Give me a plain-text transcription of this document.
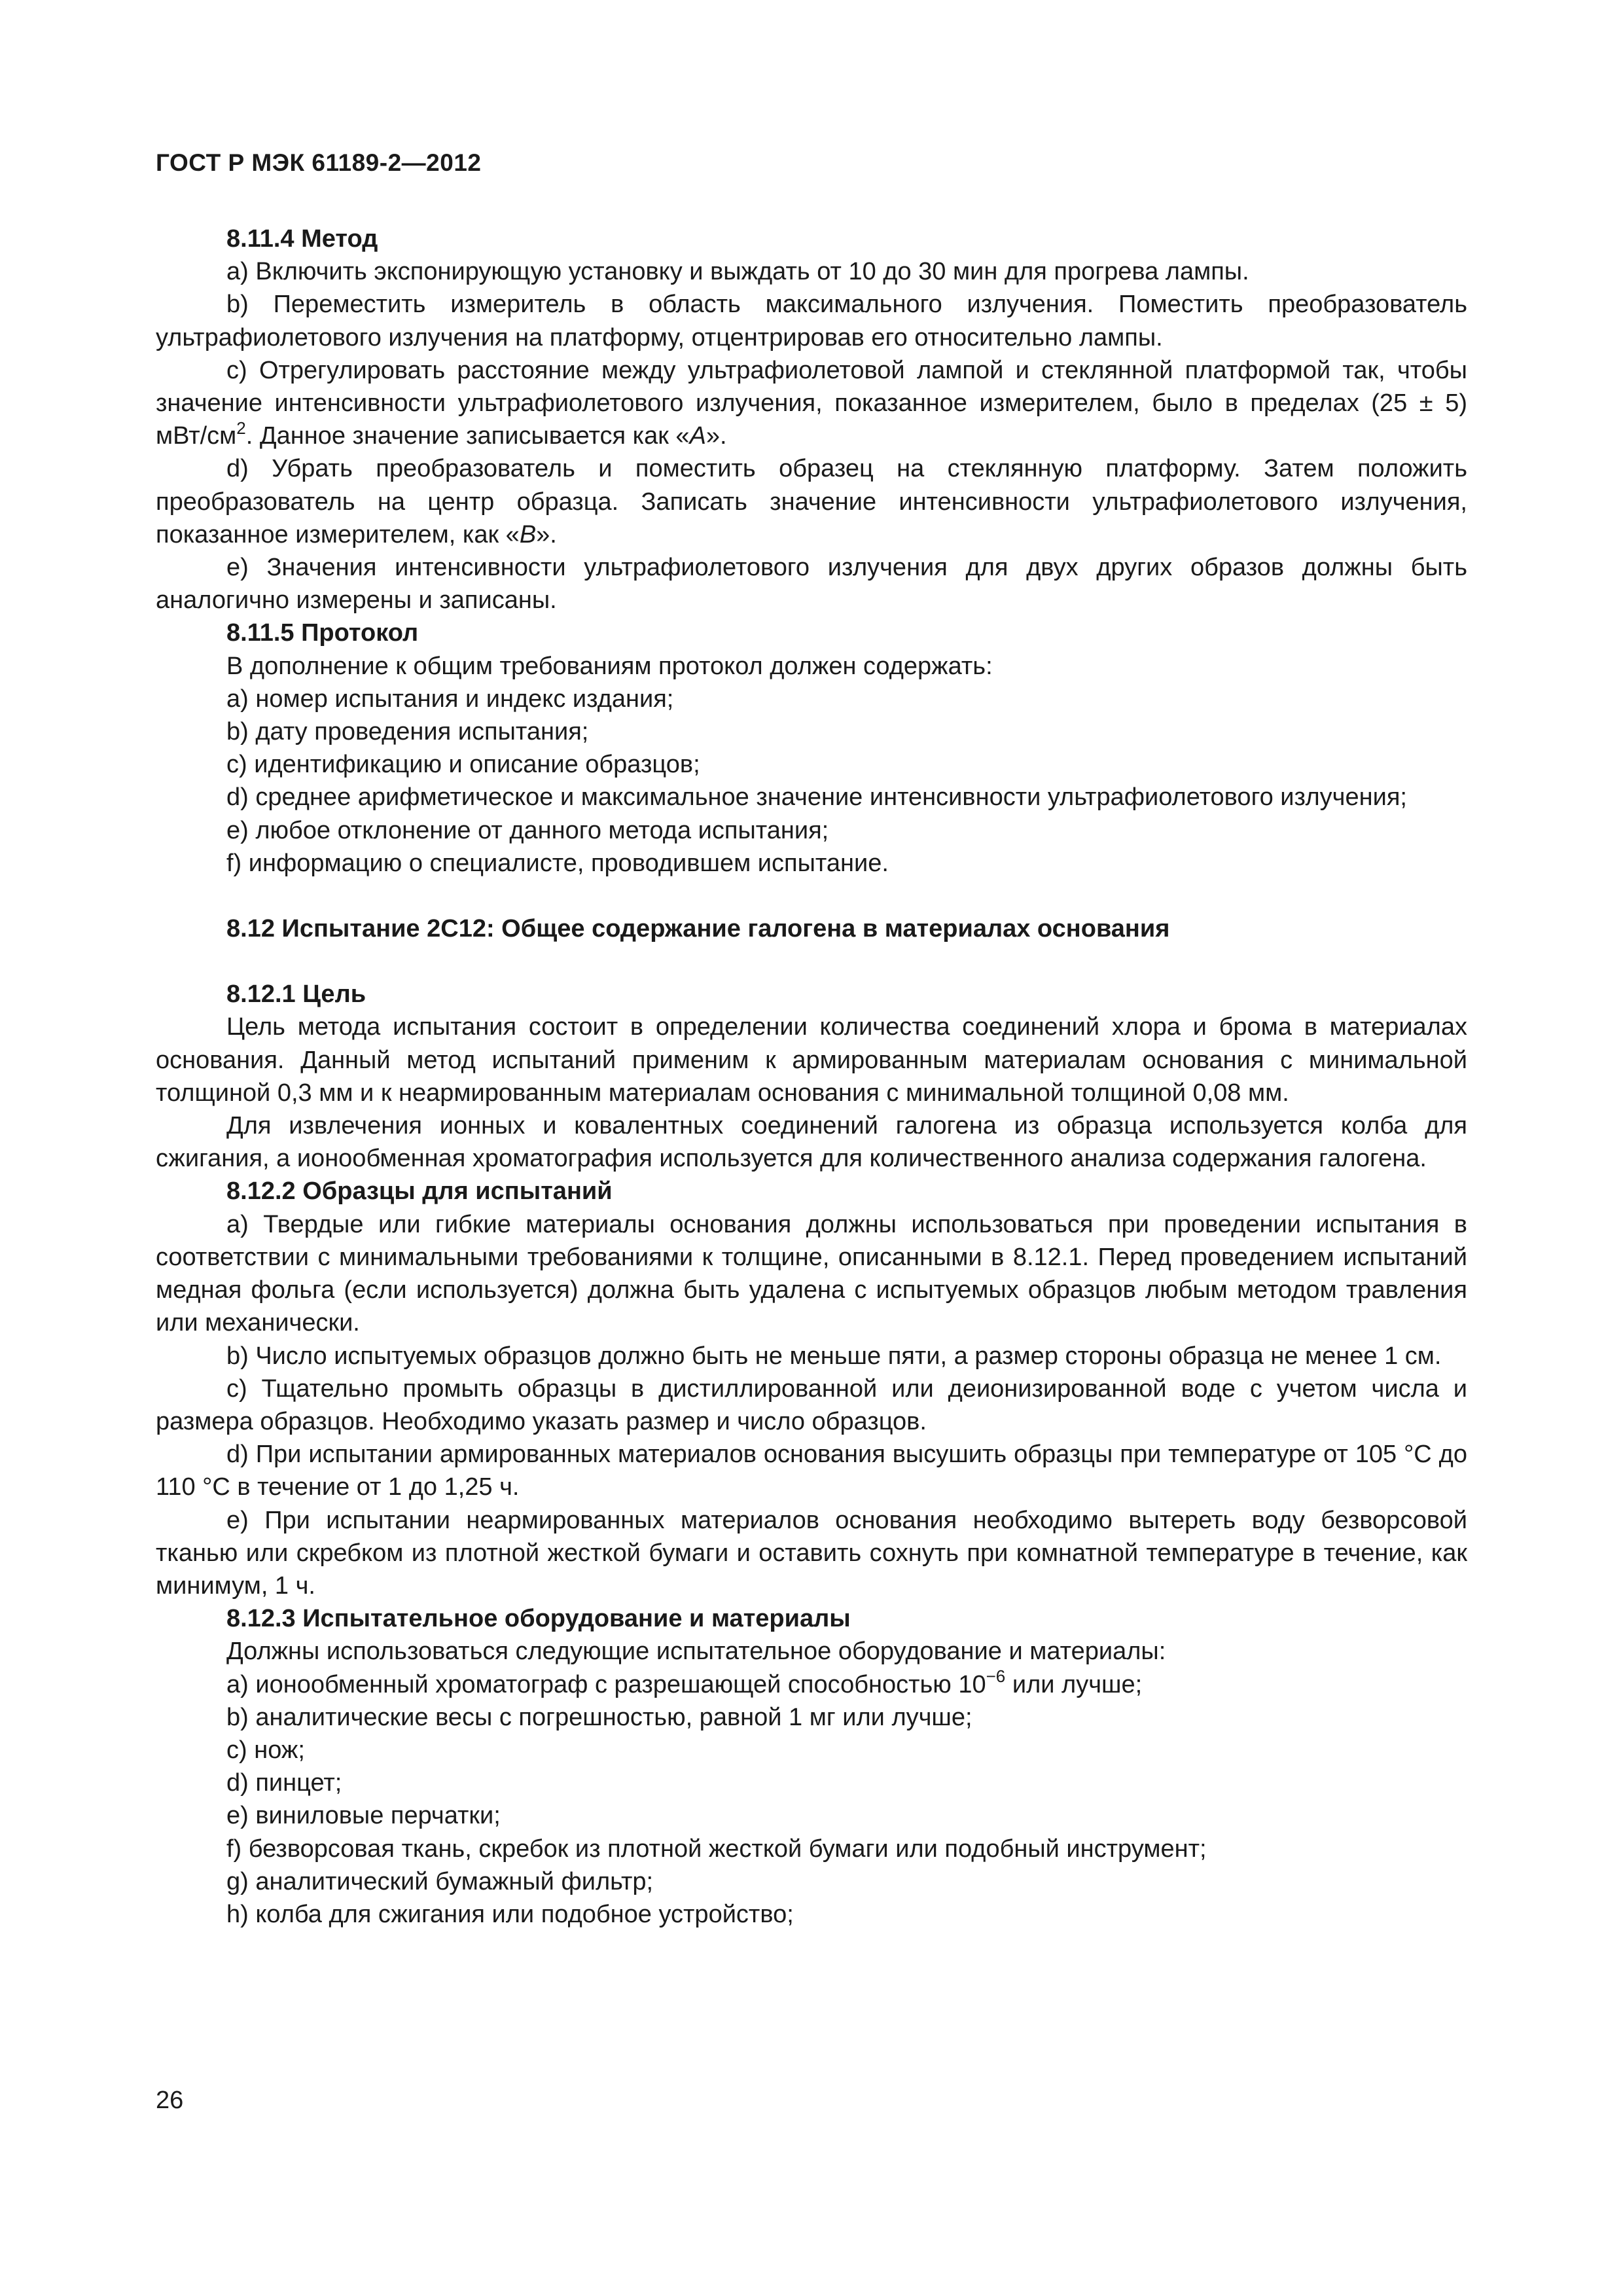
ГОСТ Р МЭК 61189-2—2012

8.11.4 Метод

a) Включить экспонирующую установку и выждать от 10 до 30 мин для прогрева лампы.

b) Переместить измеритель в область максимального излучения. Поместить преобразователь ультрафиолетового излучения на платформу, отцентрировав его относительно лампы.

c) Отрегулировать расстояние между ультрафиолетовой лампой и стеклянной платформой так, чтобы значение интенсивности ультрафиолетового излучения, показанное измерителем, было в пределах (25 ± 5) мВт/$см^2$. Данное значение записывается как «A».

d) Убрать преобразователь и поместить образец на стеклянную платформу. Затем положить преобразователь на центр образца. Записать значение интенсивности ультрафиолетового излучения, показанное измерителем, как «B».

e) Значения интенсивности ультрафиолетового излучения для двух других образов должны быть аналогично измерены и записаны.

8.11.5 Протокол

В дополнение к общим требованиям протокол должен содержать:

a) номер испытания и индекс издания;

b) дату проведения испытания;

c) идентификацию и описание образцов;

d) среднее арифметическое и максимальное значение интенсивности ультрафиолетового излучения;

e) любое отклонение от данного метода испытания;

f) информацию о специалисте, проводившем испытание.

8.12 Испытание 2C12: Общее содержание галогена в материалах основания

8.12.1 Цель

Цель метода испытания состоит в определении количества соединений хлора и брома в материалах основания. Данный метод испытаний применим к армированным материалам основания с минимальной толщиной 0,3 мм и к неармированным материалам основания с минимальной толщиной 0,08 мм.

Для извлечения ионных и ковалентных соединений галогена из образца используется колба для сжигания, а ионообменная хроматография используется для количественного анализа содержания галогена.

8.12.2 Образцы для испытаний

a) Твердые или гибкие материалы основания должны использоваться при проведении испытания в соответствии с минимальными требованиями к толщине, описанными в 8.12.1. Перед проведением испытаний медная фольга (если используется) должна быть удалена с испытуемых образцов любым методом травления или механически.

b) Число испытуемых образцов должно быть не меньше пяти, а размер стороны образца не менее 1 см.

c) Тщательно промыть образцы в дистиллированной или деионизированной воде с учетом числа и размера образцов. Необходимо указать размер и число образцов.

d) При испытании армированных материалов основания высушить образцы при температуре от 105 °C до 110 °C в течение от 1 до 1,25 ч.

e) При испытании неармированных материалов основания необходимо вытереть воду безворсовой тканью или скребком из плотной жесткой бумаги и оставить сохнуть при комнатной температуре в течение, как минимум, 1 ч.

8.12.3 Испытательное оборудование и материалы

Должны использоваться следующие испытательное оборудование и материалы:

a) ионообменный хроматограф с разрешающей способностью $10^{-6}$ или лучше;

b) аналитические весы с погрешностью, равной 1 мг или лучше;

c) нож;

d) пинцет;

e) виниловые перчатки;

f) безворсовая ткань, скребок из плотной жесткой бумаги или подобный инструмент;

g) аналитический бумажный фильтр;

h) колба для сжигания или подобное устройство;

26
